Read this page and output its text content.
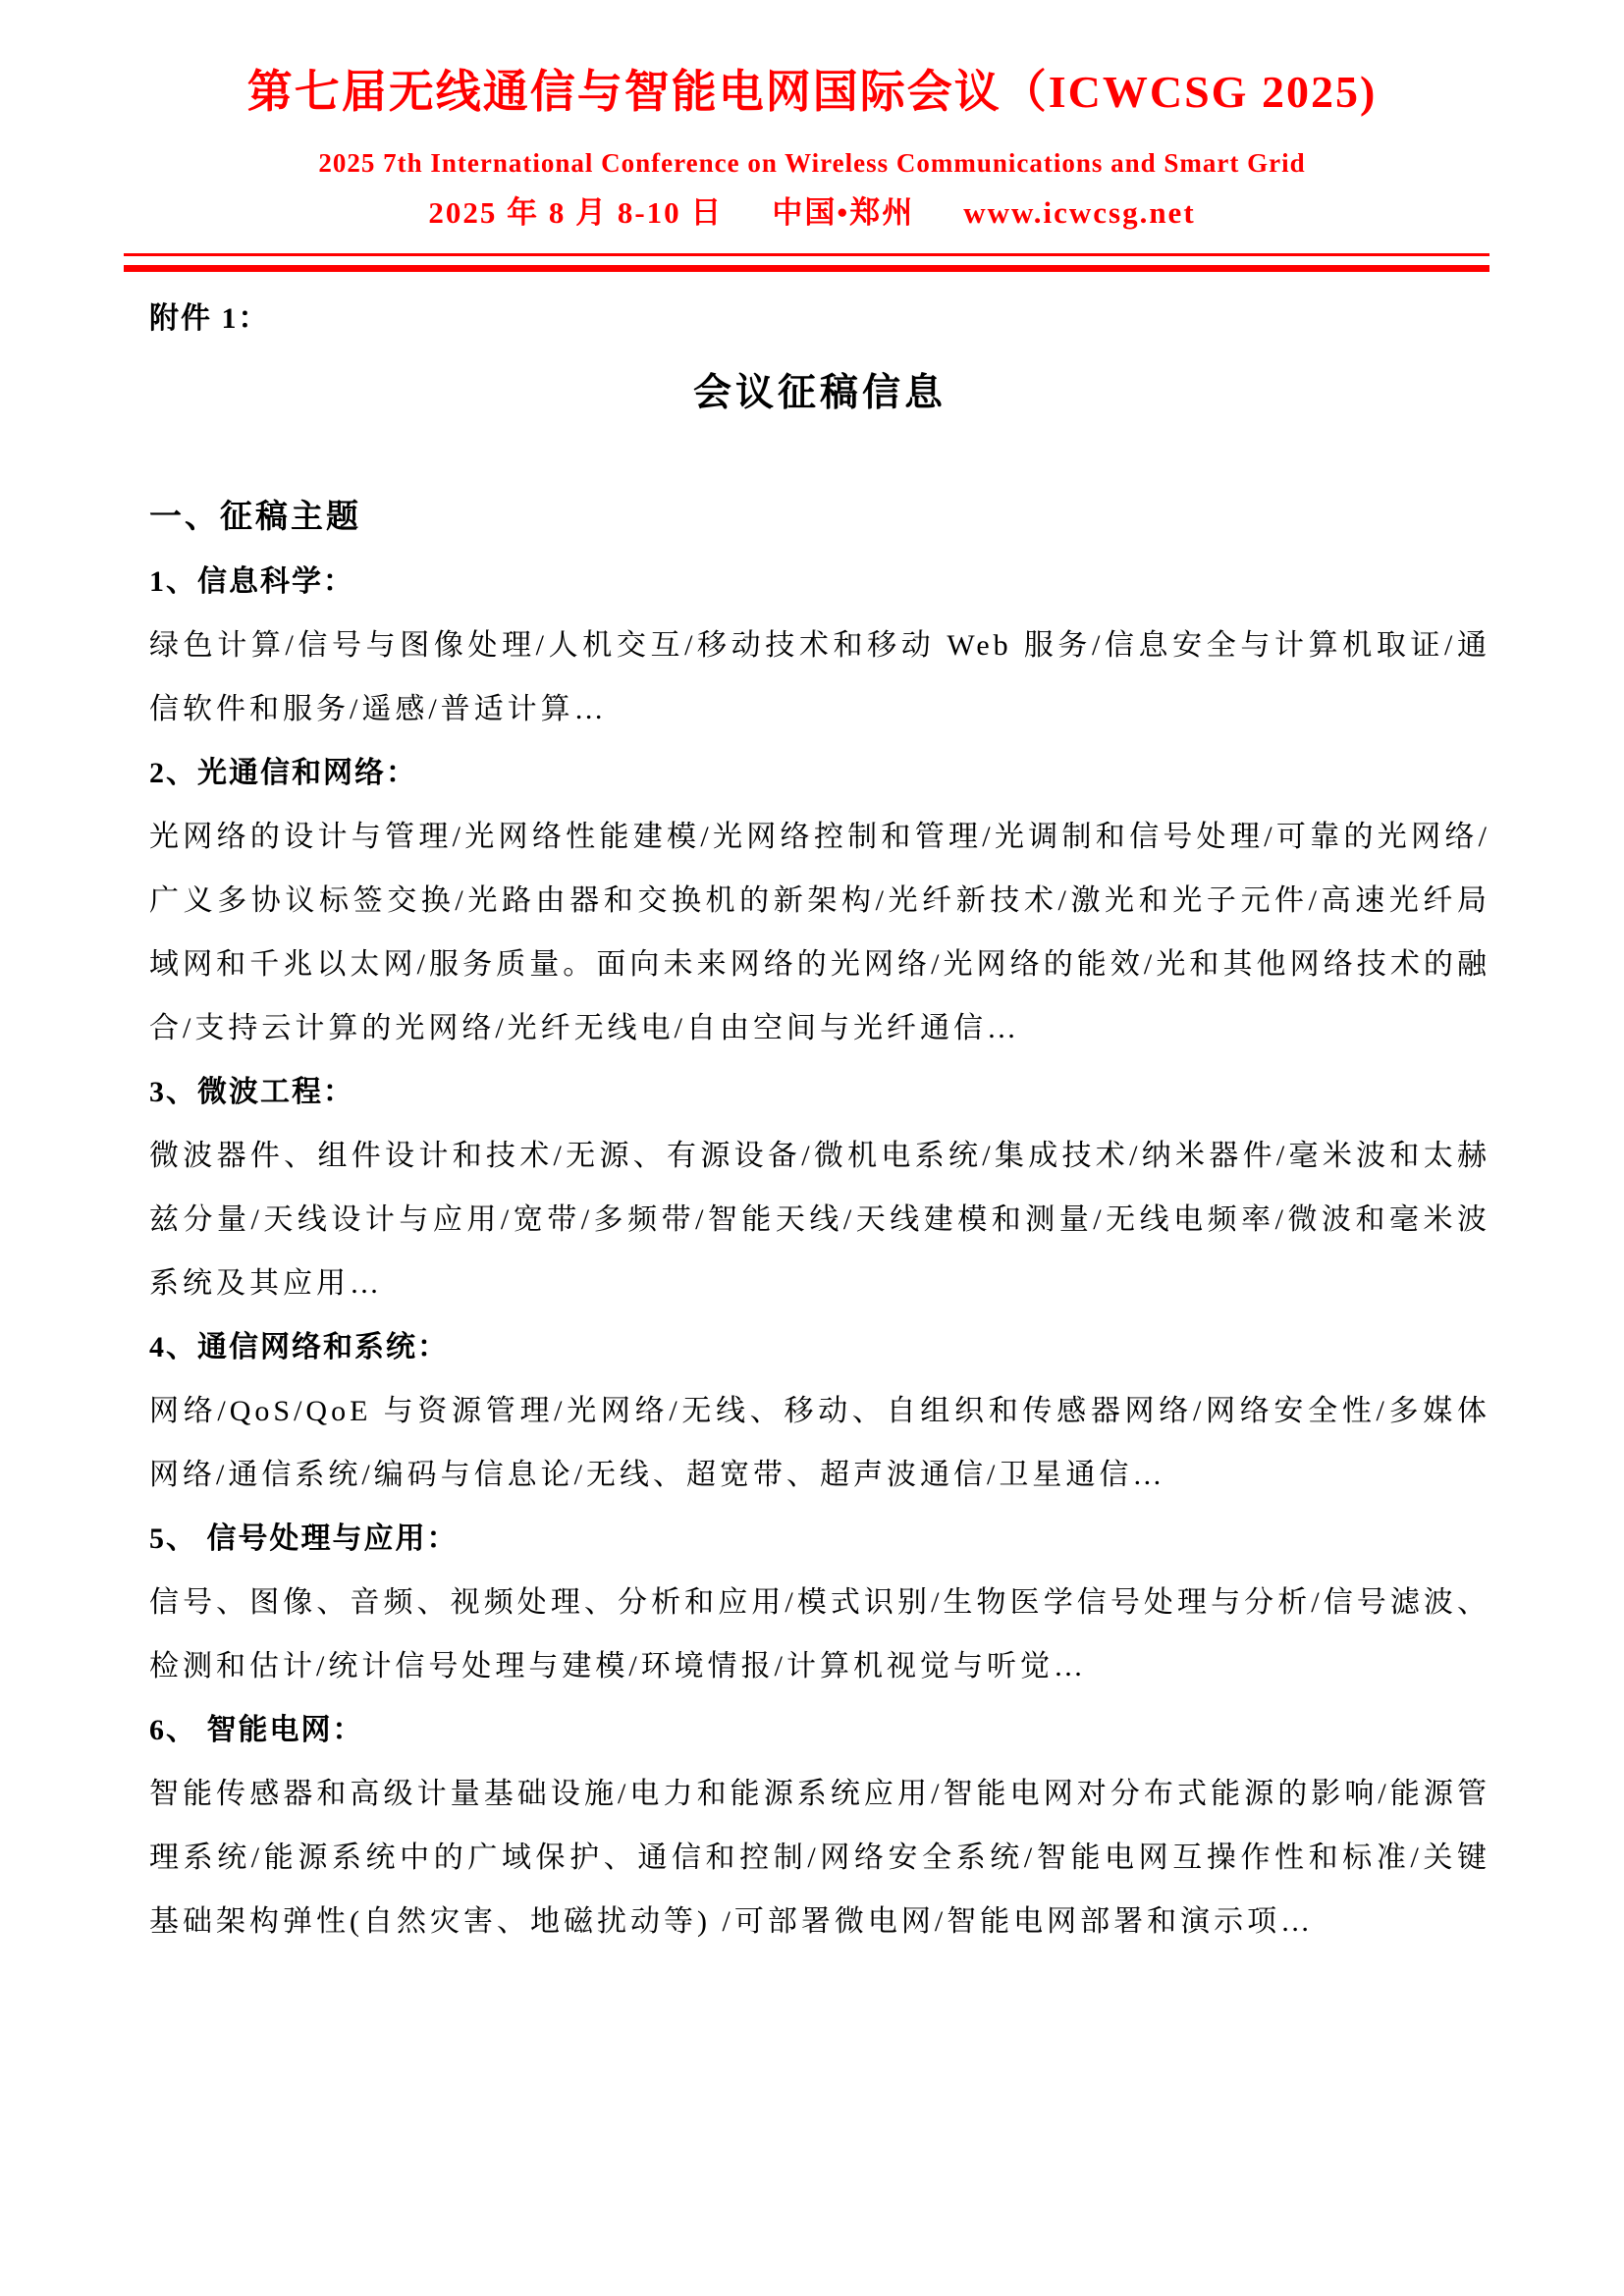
第七届无线通信与智能电网国际会议（ICWCSG 2025)
2025 7th International Conference on Wireless Communications and Smart Grid
2025 年 8 月 8-10 日 中国•郑州 www.icwcsg.net

附件 1：

会议征稿信息
一、征稿主题

1、信息科学：

绿色计算/信号与图像处理/人机交互/移动技术和移动 Web 服务/信息安全与计算机取证/通信软件和服务/遥感/普适计算…

2、光通信和网络：

光网络的设计与管理/光网络性能建模/光网络控制和管理/光调制和信号处理/可靠的光网络/广义多协议标签交换/光路由器和交换机的新架构/光纤新技术/激光和光子元件/高速光纤局域网和千兆以太网/服务质量。面向未来网络的光网络/光网络的能效/光和其他网络技术的融合/支持云计算的光网络/光纤无线电/自由空间与光纤通信…

3、微波工程：

微波器件、组件设计和技术/无源、有源设备/微机电系统/集成技术/纳米器件/毫米波和太赫兹分量/天线设计与应用/宽带/多频带/智能天线/天线建模和测量/无线电频率/微波和毫米波系统及其应用…

4、通信网络和系统：

网络/QoS/QoE 与资源管理/光网络/无线、移动、自组织和传感器网络/网络安全性/多媒体网络/通信系统/编码与信息论/无线、超宽带、超声波通信/卫星通信…

5、 信号处理与应用：

信号、图像、音频、视频处理、分析和应用/模式识别/生物医学信号处理与分析/信号滤波、检测和估计/统计信号处理与建模/环境情报/计算机视觉与听觉…

6、 智能电网：

智能传感器和高级计量基础设施/电力和能源系统应用/智能电网对分布式能源的影响/能源管理系统/能源系统中的广域保护、通信和控制/网络安全系统/智能电网互操作性和标准/关键基础架构弹性(自然灾害、地磁扰动等) /可部署微电网/智能电网部署和演示项…
